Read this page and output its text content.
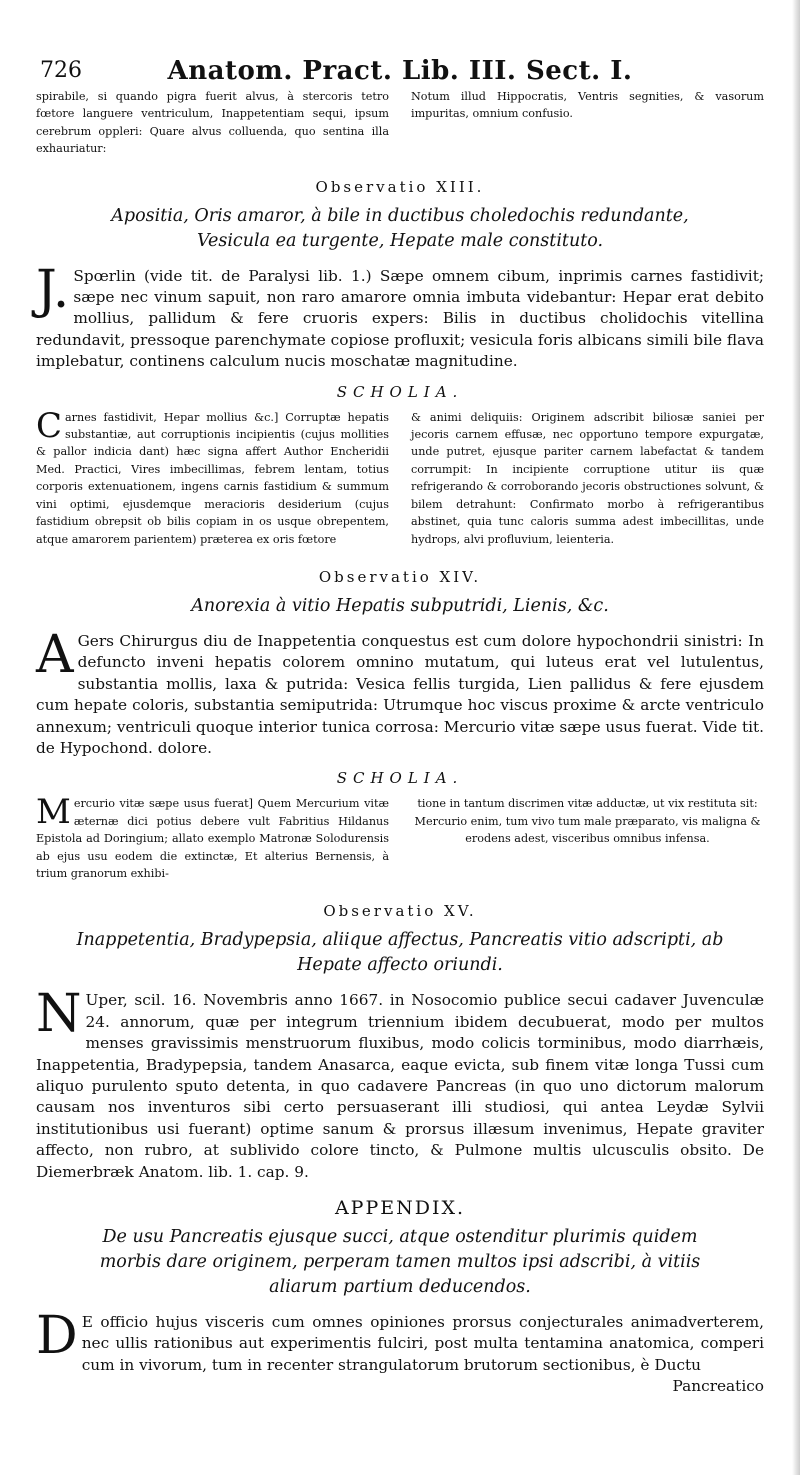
726	Anatom. Pract. Lib. III. Sect. I.
spirabile, si quando pigra fuerit alvus, à stercoris tetro fœtore languere ventriculum, Inappetentiam sequi, ipsum cerebrum oppleri: Quare alvus colluenda, quo sentina illa exhauriatur:
Notum illud Hippocratis, Ventris segnities, & vasorum impuritas, omnium confusio.
Observatio XIII.
Apositia, Oris amaror, à bile in ductibus choledochis redundante, Vesicula ea turgente, Hepate male constituto.
J. Spœrlin (vide tit. de Paralysi lib. 1.) Sæpe omnem cibum, inprimis carnes fastidivit; sæpe nec vinum sapuit, non raro amarore omnia imbuta videbantur: Hepar erat debito mollius, pallidum & fere cruoris expers: Bilis in ductibus cholidochis vitellina redundavit, pressoque parenchymate copiose profluxit; vesicula foris albicans simili bile flava implebatur, continens calculum nucis moschatæ magnitudine.
SCHOLIA.
C arnes fastidivit, Hepar mollius &c.] Corruptæ hepatis substantiæ, aut corruptionis incipientis (cujus mollities & pallor indicia dant) hæc signa affert Author Encheridii Med. Practici, Vires imbecillimas, febrem lentam, totius corporis extenuationem, ingens carnis fastidium & summum vini optimi, ejusdemque meracioris desiderium (cujus fastidium obrepsit ob bilis copiam in os usque obrepentem, atque amarorem parientem) præterea ex oris fœtore
& animi deliquiis: Originem adscribit biliosæ saniei per jecoris carnem effusæ, nec opportuno tempore expurgatæ, unde putret, ejusque pariter carnem labefactat & tandem corrumpit: In incipiente corruptione utitur iis quæ refrigerando & corroborando jecoris obstructiones solvunt, & bilem detrahunt: Confirmato morbo à refrigerantibus abstinet, quia tunc caloris summa adest imbecillitas, unde hydrops, alvi profluvium, leienteria.
Observatio XIV.
Anorexia à vitio Hepatis subputridi, Lienis, &c.
A Gers Chirurgus diu de Inappetentia conquestus est cum dolore hypochondrii sinistri: In defuncto inveni hepatis colorem omnino mutatum, qui luteus erat vel lutulentus, substantia mollis, laxa & putrida: Vesica fellis turgida, Lien pallidus & fere ejusdem cum hepate coloris, substantia semiputrida: Utrumque hoc viscus proxime & arcte ventriculo annexum; ventriculi quoque interior tunica corrosa: Mercurio vitæ sæpe usus fuerat. Vide tit. de Hypochond. dolore.
SCHOLIA.
M ercurio vitæ sæpe usus fuerat] Quem Mercurium vitæ æternæ dici potius debere vult Fabritius Hildanus Epistola ad Doringium; allato exemplo Matronæ Solodurensis ab ejus usu eodem die extinctæ, Et alterius Bernensis, à trium granorum exhibi-
tione in tantum discrimen vitæ adductæ, ut vix restituta sit: Mercurio enim, tum vivo tum male præparato, vis maligna & erodens adest, visceribus omnibus infensa.
Observatio XV.
Inappetentia, Bradypepsia, aliique affectus, Pancreatis vitio adscripti, ab Hepate affecto oriundi.
N Uper, scil. 16. Novembris anno 1667. in Nosocomio publice secui cadaver Juvenculæ 24. annorum, quæ per integrum triennium ibidem decubuerat, modo per multos menses gravissimis menstruorum fluxibus, modo colicis torminibus, modo diarrhæis, Inappetentia, Bradypepsia, tandem Anasarca, eaque evicta, sub finem vitæ longa Tussi cum aliquo purulento sputo detenta, in quo cadavere Pancreas (in quo uno dictorum malorum causam nos inventuros sibi certo persuaserant illi studiosi, qui antea Leydæ Sylvii institutionibus usi fuerant) optime sanum & prorsus illæsum invenimus, Hepate graviter affecto, non rubro, at sublivido colore tincto, & Pulmone multis ulcusculis obsito. De Diemerbræk Anatom. lib. 1. cap. 9.
APPENDIX.
De usu Pancreatis ejusque succi, atque ostenditur plurimis quidem morbis dare originem, perperam tamen multos ipsi adscribi, à vitiis aliarum partium deducendos.
D E officio hujus visceris cum omnes opiniones prorsus conjecturales animadverterem, nec ullis rationibus aut experimentis fulciri, post multa tentamina anatomica, comperi cum in vivorum, tum in recenter strangulatorum brutorum sectionibus, è Ductu
Pancreatico
